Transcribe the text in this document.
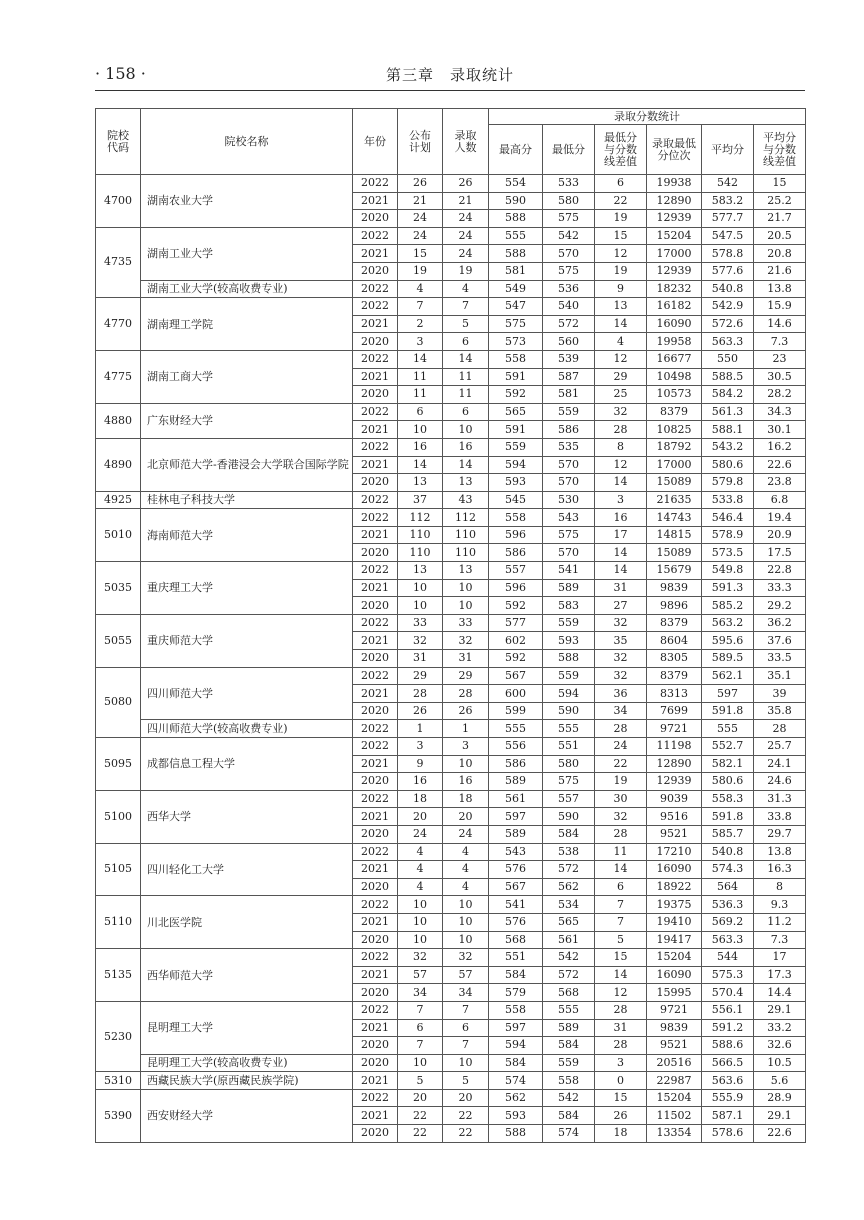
· 158 ·	第三章　录取统计
院校代码	院校名称	年份	公布计划	录取人数	录取分数统计					
					最高分	最低分	最低分与分数线差值	录取最低分位次	平均分	平均分与分数线差值
4700	湖南农业大学	2022	26	26	554	533	6	19938	542	15
		2021	21	21	590	580	22	12890	583.2	25.2
		2020	24	24	588	575	19	12939	577.7	21.7
4735	湖南工业大学	2022	24	24	555	542	15	15204	547.5	20.5
		2021	15	24	588	570	12	17000	578.8	20.8
		2020	19	19	581	575	19	12939	577.6	21.6
	湖南工业大学(较高收费专业)	2022	4	4	549	536	9	18232	540.8	13.8
4770	湖南理工学院	2022	7	7	547	540	13	16182	542.9	15.9
		2021	2	5	575	572	14	16090	572.6	14.6
		2020	3	6	573	560	4	19958	563.3	7.3
4775	湖南工商大学	2022	14	14	558	539	12	16677	550	23
		2021	11	11	591	587	29	10498	588.5	30.5
		2020	11	11	592	581	25	10573	584.2	28.2
4880	广东财经大学	2022	6	6	565	559	32	8379	561.3	34.3
		2021	10	10	591	586	28	10825	588.1	30.1
4890	北京师范大学-香港浸会大学联合国际学院	2022	16	16	559	535	8	18792	543.2	16.2
		2021	14	14	594	570	12	17000	580.6	22.6
		2020	13	13	593	570	14	15089	579.8	23.8
4925	桂林电子科技大学	2022	37	43	545	530	3	21635	533.8	6.8
5010	海南师范大学	2022	112	112	558	543	16	14743	546.4	19.4
		2021	110	110	596	575	17	14815	578.9	20.9
		2020	110	110	586	570	14	15089	573.5	17.5
5035	重庆理工大学	2022	13	13	557	541	14	15679	549.8	22.8
		2021	10	10	596	589	31	9839	591.3	33.3
		2020	10	10	592	583	27	9896	585.2	29.2
5055	重庆师范大学	2022	33	33	577	559	32	8379	563.2	36.2
		2021	32	32	602	593	35	8604	595.6	37.6
		2020	31	31	592	588	32	8305	589.5	33.5
5080	四川师范大学	2022	29	29	567	559	32	8379	562.1	35.1
		2021	28	28	600	594	36	8313	597	39
		2020	26	26	599	590	34	7699	591.8	35.8
	四川师范大学(较高收费专业)	2022	1	1	555	555	28	9721	555	28
5095	成都信息工程大学	2022	3	3	556	551	24	11198	552.7	25.7
		2021	9	10	586	580	22	12890	582.1	24.1
		2020	16	16	589	575	19	12939	580.6	24.6
5100	西华大学	2022	18	18	561	557	30	9039	558.3	31.3
		2021	20	20	597	590	32	9516	591.8	33.8
		2020	24	24	589	584	28	9521	585.7	29.7
5105	四川轻化工大学	2022	4	4	543	538	11	17210	540.8	13.8
		2021	4	4	576	572	14	16090	574.3	16.3
		2020	4	4	567	562	6	18922	564	8
5110	川北医学院	2022	10	10	541	534	7	19375	536.3	9.3
		2021	10	10	576	565	7	19410	569.2	11.2
		2020	10	10	568	561	5	19417	563.3	7.3
5135	西华师范大学	2022	32	32	551	542	15	15204	544	17
		2021	57	57	584	572	14	16090	575.3	17.3
		2020	34	34	579	568	12	15995	570.4	14.4
5230	昆明理工大学	2022	7	7	558	555	28	9721	556.1	29.1
		2021	6	6	597	589	31	9839	591.2	33.2
		2020	7	7	594	584	28	9521	588.6	32.6
	昆明理工大学(较高收费专业)	2020	10	10	584	559	3	20516	566.5	10.5
5310	西藏民族大学(原西藏民族学院)	2021	5	5	574	558	0	22987	563.6	5.6
5390	西安财经大学	2022	20	20	562	542	15	15204	555.9	28.9
		2021	22	22	593	584	26	11502	587.1	29.1
		2020	22	22	588	574	18	13354	578.6	22.6
